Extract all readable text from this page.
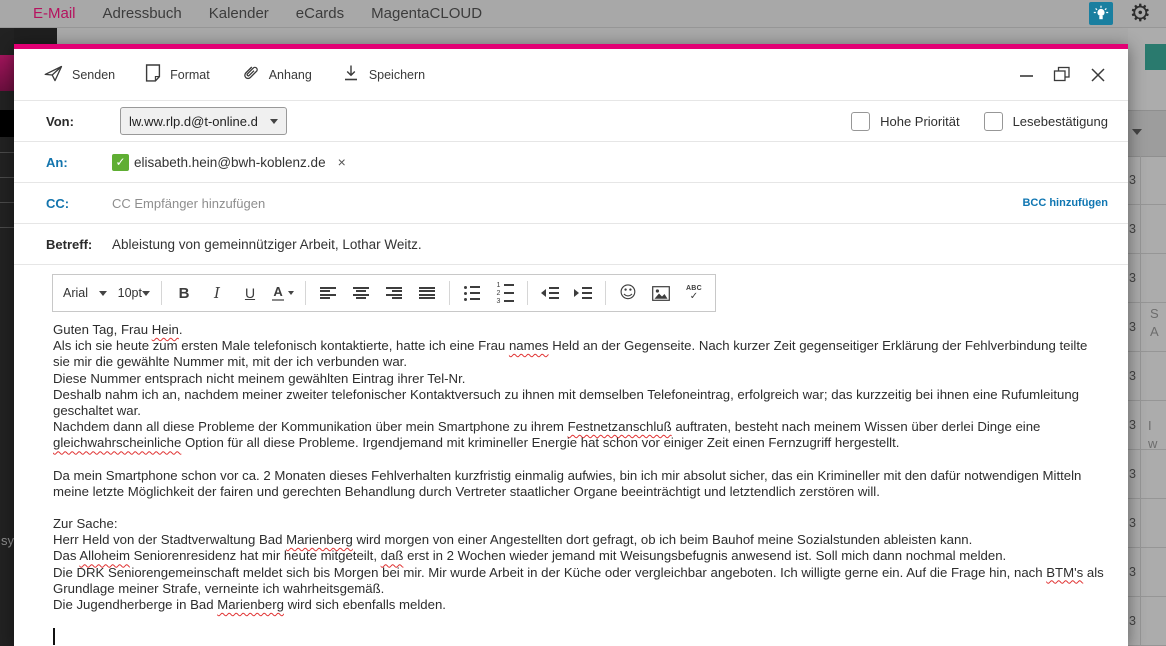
sy
3
3
3
3
3
3
3
3
3
3
S
A
I
w
E-Mail Adressbuch Kalender eCards MagentaCLOUD	⚙
Senden	Format	Anhang	Speichern
Von:	lw.ww.rlp.d@t-online.d	Hohe Priorität	Lesebestätigung
An:	✓ elisabeth.hein@bwh-koblenz.de ×
CC:	CC Empfänger hinzufügen	BCC hinzufügen
Betreff:	Ableistung von gemeinnütziger Arbeit, Lothar Weitz.
Arial 10pt	B	I	U	A	1
2
3	☺	ABC
✓
Guten Tag, Frau Hein.
Als ich sie heute zum ersten Male telefonisch kontaktierte, hatte ich eine Frau names Held an der Gegenseite. Nach kurzer Zeit gegenseitiger Erklärung der Fehlverbindung teilte sie mir die gewählte Nummer mit, mit der ich verbunden war.
Diese Nummer entsprach nicht meinem gewählten Eintrag ihrer Tel-Nr.
Deshalb nahm ich an, nachdem meiner zweiter telefonischer Kontaktversuch zu ihnen mit demselben Telefoneintrag, erfolgreich war; das kurzzeitig bei ihnen eine Rufumleitung geschaltet war.
Nachdem dann all diese Probleme der Kommunikation über mein Smartphone zu ihrem Festnetzanschluß auftraten, besteht nach meinem Wissen über derlei Dinge eine gleichwahrscheinliche Option für all diese Probleme. Irgendjemand mit krimineller Energie hat schon vor einiger Zeit einen Fernzugriff hergestellt.
Da mein Smartphone schon vor ca. 2 Monaten dieses Fehlverhalten kurzfristig einmalig aufwies, bin ich mir absolut sicher, das ein Krimineller mit den dafür notwendigen Mitteln meine letzte Möglichkeit der fairen und gerechten Behandlung durch Vertreter staatlicher Organe beeinträchtigt und letztendlich zerstören will.
Zur Sache:
Herr Held von der Stadtverwaltung Bad Marienberg wird morgen von einer Angestellten dort gefragt, ob ich beim Bauhof meine Sozialstunden ableisten kann.
Das Alloheim Seniorenresidenz hat mir heute mitgeteilt, daß erst in 2 Wochen wieder jemand mit Weisungsbefugnis anwesend ist. Soll mich dann nochmal melden.
Die DRK Seniorengemeinschaft meldet sich bis Morgen bei mir. Mir wurde Arbeit in der Küche oder vergleichbar angeboten. Ich willigte gerne ein. Auf die Frage hin, nach BTM's als Grundlage meiner Strafe, verneinte ich wahrheitsgemäß.
Die Jugendherberge in Bad Marienberg wird sich ebenfalls melden.
